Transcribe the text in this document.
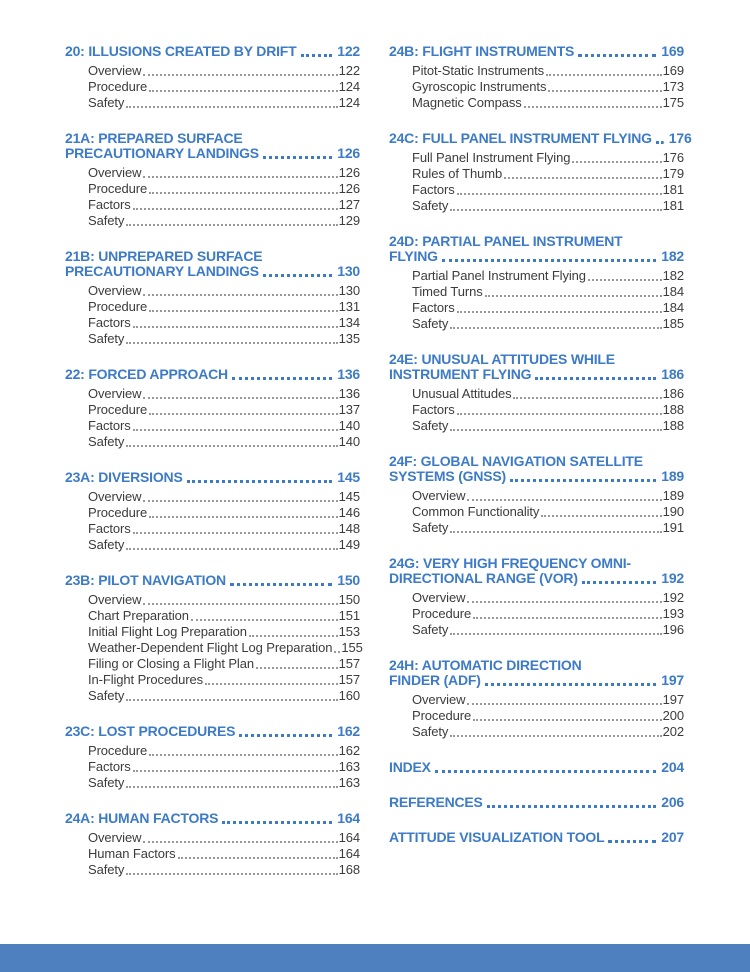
20: ILLUSIONS CREATED BY DRIFT	122
Overview	122
Procedure	124
Safety	124
21A: PREPARED SURFACE
PRECAUTIONARY LANDINGS	126
Overview	126
Procedure	126
Factors	127
Safety	129
21B: UNPREPARED SURFACE
PRECAUTIONARY LANDINGS	130
Overview	130
Procedure	131
Factors	134
Safety	135
22: FORCED APPROACH	136
Overview	136
Procedure	137
Factors	140
Safety	140
23A: DIVERSIONS	145
Overview	145
Procedure	146
Factors	148
Safety	149
23B: PILOT NAVIGATION	150
Overview	150
Chart Preparation	151
Initial Flight Log Preparation	153
Weather-Dependent Flight Log Preparation 155
Filing or Closing a Flight Plan	157
In-Flight Procedures	157
Safety	160
23C: LOST PROCEDURES	162
Procedure	162
Factors	163
Safety	163
24A: HUMAN FACTORS	164
Overview	164
Human Factors	164
Safety	168
24B: FLIGHT INSTRUMENTS	169
Pitot-Static Instruments	169
Gyroscopic Instruments	173
Magnetic Compass	175
24C: FULL PANEL INSTRUMENT FLYING 176
Full Panel Instrument Flying	176
Rules of Thumb	179
Factors	181
Safety	181
24D: PARTIAL PANEL INSTRUMENT
FLYING	182
Partial Panel Instrument Flying	182
Timed Turns	184
Factors	184
Safety	185
24E: UNUSUAL ATTITUDES WHILE
INSTRUMENT FLYING	186
Unusual Attitudes	186
Factors	188
Safety	188
24F: GLOBAL NAVIGATION SATELLITE
SYSTEMS (GNSS)	189
Overview	189
Common Functionality	190
Safety	191
24G: VERY HIGH FREQUENCY OMNI-
DIRECTIONAL RANGE (VOR)	192
Overview	192
Procedure	193
Safety	196
24H: AUTOMATIC DIRECTION
FINDER (ADF)	197
Overview	197
Procedure	200
Safety	202
INDEX	204
REFERENCES	206
ATTITUDE VISUALIZATION TOOL	207
